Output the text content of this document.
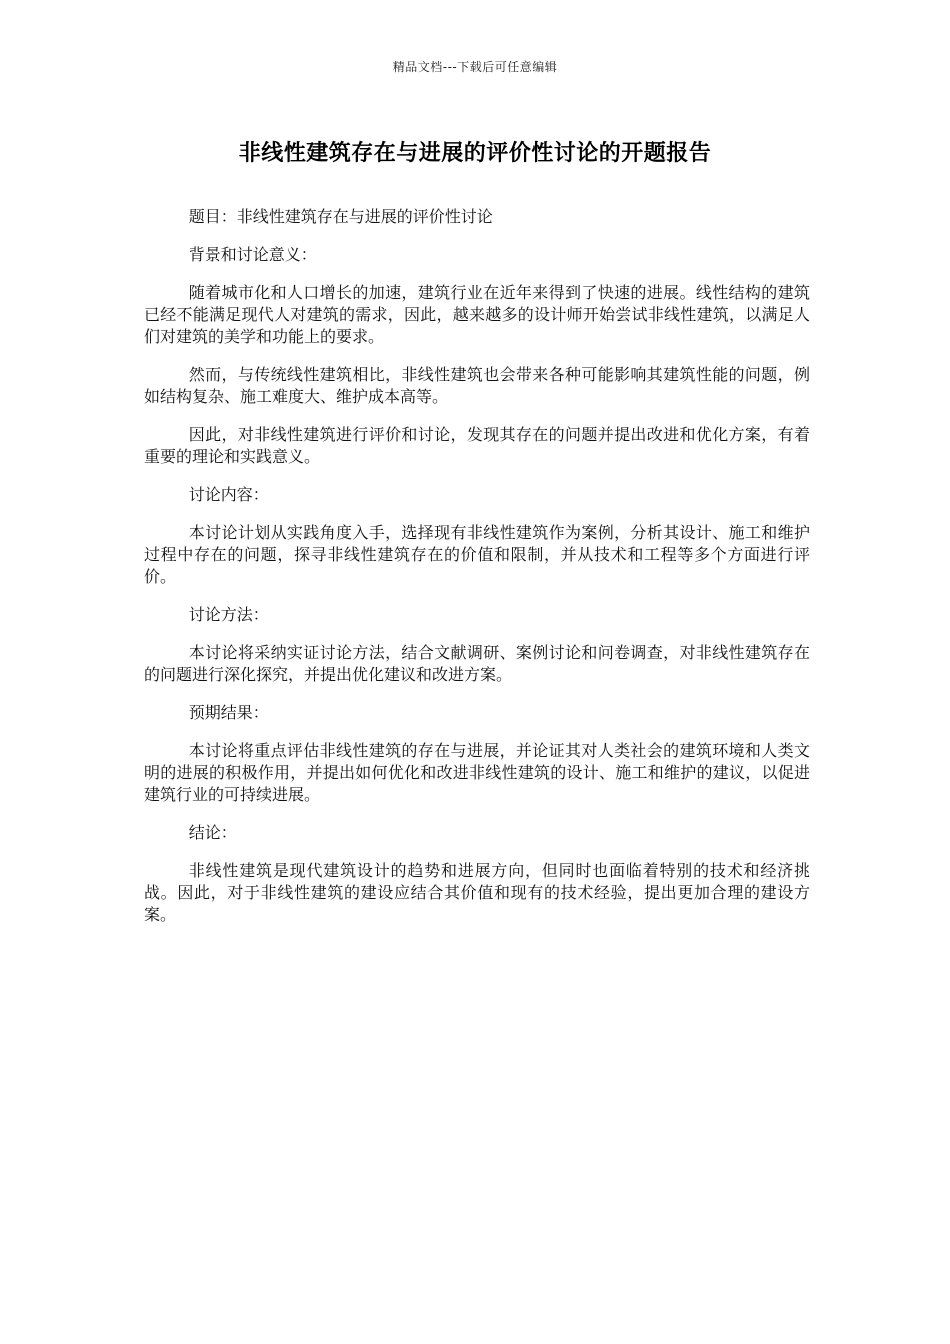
精品文档---下载后可任意编辑
非线性建筑存在与进展的评价性讨论的开题报告

题目：非线性建筑存在与进展的评价性讨论

背景和讨论意义：

随着城市化和人口增长的加速，建筑行业在近年来得到了快速的进展。线性结构的建筑已经不能满足现代人对建筑的需求，因此，越来越多的设计师开始尝试非线性建筑，以满足人们对建筑的美学和功能上的要求。

然而，与传统线性建筑相比，非线性建筑也会带来各种可能影响其建筑性能的问题，例如结构复杂、施工难度大、维护成本高等。

因此，对非线性建筑进行评价和讨论，发现其存在的问题并提出改进和优化方案，有着重要的理论和实践意义。

讨论内容：

本讨论计划从实践角度入手，选择现有非线性建筑作为案例，分析其设计、施工和维护过程中存在的问题，探寻非线性建筑存在的价值和限制，并从技术和工程等多个方面进行评价。

讨论方法：

本讨论将采纳实证讨论方法，结合文献调研、案例讨论和问卷调查，对非线性建筑存在的问题进行深化探究，并提出优化建议和改进方案。

预期结果：

本讨论将重点评估非线性建筑的存在与进展，并论证其对人类社会的建筑环境和人类文明的进展的积极作用，并提出如何优化和改进非线性建筑的设计、施工和维护的建议，以促进建筑行业的可持续进展。

结论：

非线性建筑是现代建筑设计的趋势和进展方向，但同时也面临着特别的技术和经济挑战。因此，对于非线性建筑的建设应结合其价值和现有的技术经验，提出更加合理的建设方案。
